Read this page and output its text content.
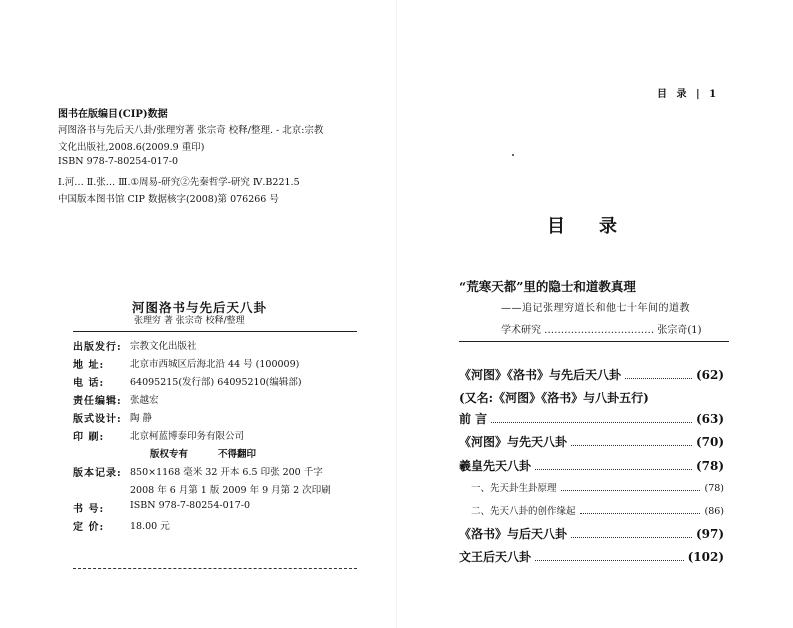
图书在版编目(CIP)数据
河图洛书与先后天八卦/张理穷著 张宗奇 校释/整理. - 北京:宗教
文化出版社,2008.6(2009.9 重印)
ISBN 978-7-80254-017-0
Ⅰ.河… Ⅱ.张… Ⅲ.①周易-研究②先秦哲学-研究 Ⅳ.B221.5
中国版本图书馆 CIP 数据核字(2008)第 076266 号
河图洛书与先后天八卦
张理穷 著 张宗奇 校释/整理
出版发行: 宗教文化出版社
地 址:	北京市西城区后海北沿 44 号 (100009)
电 话:	64095215(发行部) 64095210(编辑部)
责任编辑: 张越宏
版式设计: 陶 静
印 刷:	北京柯蓝博泰印务有限公司
版权专有	不得翻印
版本记录: 850×1168 毫米 32 开本 6.5 印张 200 千字
2008 年 6 月第 1 版 2009 年 9 月第 2 次印刷
书 号:	ISBN 978-7-80254-017-0
定 价:	18.00 元
目 录 | 1
目录
“荒寒天都”里的隐士和道教真理
——追记张理穷道长和他七十年间的道教
学术研究 …………………………… 张宗奇(1)
《河图》《洛书》与先后天八卦	(62)
(又名:《河图》《洛书》与八卦五行)
前 言	(63)
《河图》与先天八卦	(70)
羲皇先天八卦	(78)
一、先天卦生卦原理	(78)
二、先天八卦的创作缘起	(86)
《洛书》与后天八卦	(97)
文王后天八卦	(102)
